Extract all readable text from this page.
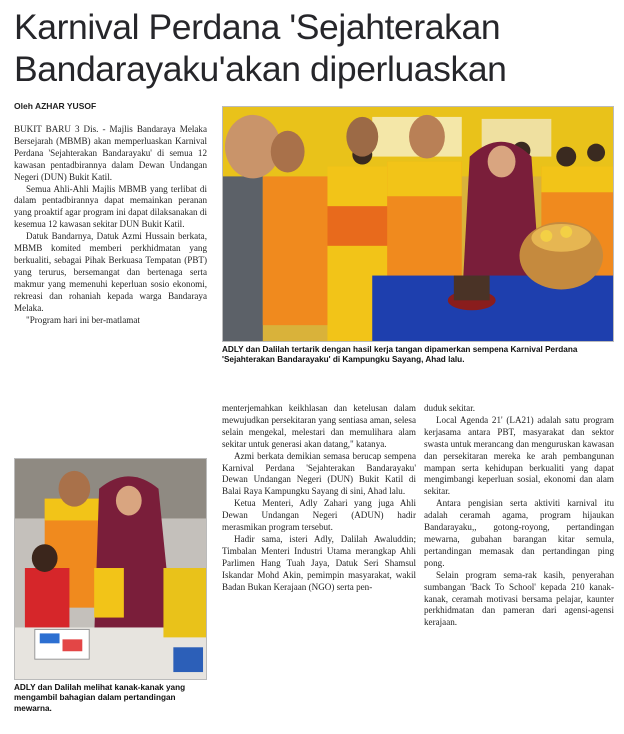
Karnival Perdana 'Sejahterakan
Bandarayaku'akan diperluaskan
Oleh AZHAR YUSOF

BUKIT BARU 3 Dis. - Majlis Bandaraya Melaka Bersejarah (MBMB) akan memperluaskan Karnival Perdana 'Sejahterakan Bandarayaku' di semua 12 kawasan pentadbirannya dalam Dewan Undangan Negeri (DUN) Bukit Katil.

Semua Ahli-Ahli Majlis MBMB yang terlibat di dalam pentadbirannya dapat memainkan peranan yang proaktif agar program ini dapat dilaksanakan di kesemua 12 kawasan sekitar DUN Bukit Katil.

Datuk Bandarnya, Datuk Azmi Hussain berkata, MBMB komited memberi perkhidmatan yang berkualiti, sebagai Pihak Berkuasa Tempatan (PBT) yang terurus, bersemangat dan bertenaga serta makmur yang memenuhi keperluan sosio ekonomi, rekreasi dan rohaniah kepada warga Bandaraya Melaka.

"Program hari ini ber-matlamat

ADLY dan Dalilah tertarik dengan hasil kerja tangan dipamerkan sempena Karnival Perdana 'Sejahterakan Bandarayaku' di Kampungku Sayang, Ahad lalu.
ADLY dan Dalilah melihat kanak-kanak yang mengambil bahagian dalam pertandingan mewarna.

menterjemahkan keikhlasan dan ketelusan dalam mewujudkan persekitaran yang sentiasa aman, selesa selain mengekal, melestari dan memulihara alam sekitar untuk generasi akan datang," katanya.

Azmi berkata demikian semasa berucap sempena Karnival Perdana 'Sejahterakan Bandarayaku' Dewan Undangan Negeri (DUN) Bukit Katil di Balai Raya Kampungku Sayang di sini, Ahad lalu.

Ketua Menteri, Adly Zahari yang juga Ahli Dewan Undangan Negeri (ADUN) hadir merasmikan program tersebut.

Hadir sama, isteri Adly, Dalilah Awaluddin; Timbalan Menteri Industri Utama merangkap Ahli Parlimen Hang Tuah Jaya, Datuk Seri Shamsul Iskandar Mohd Akin, pemimpin masyarakat, wakil Badan Bukan Kerajaan (NGO) serta pen-

duduk sekitar.

Local Agenda 21' (LA21) adalah satu program kerjasama antara PBT, masyarakat dan sektor swasta untuk merancang dan menguruskan kawasan dan persekitaran mereka ke arah pembangunan mampan serta kehidupan berkualiti yang dapat mengimbangi keperluan sosial, ekonomi dan alam sekitar.

Antara pengisian serta aktiviti karnival itu adalah ceramah agama, program hijaukan Bandarayaku,, gotong-royong, pertandingan mewarna, gubahan barangan kitar semula, pertandingan memasak dan pertandingan ping pong.

Selain program sema-rak kasih, penyerahan sumbangan 'Back To School' kepada 210 kanak-kanak, ceramah motivasi bersama pelajar, kaunter perkhidmatan dan pameran dari agensi-agensi kerajaan.
